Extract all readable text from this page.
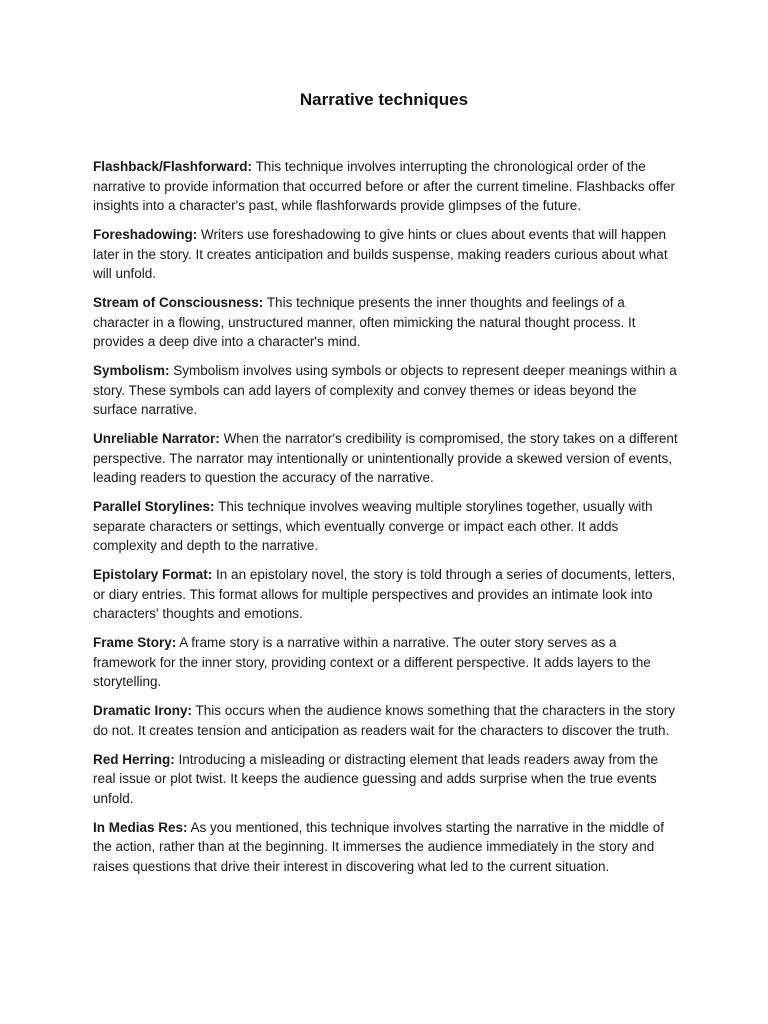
Narrative techniques

Flashback/Flashforward: This technique involves interrupting the chronological order of the narrative to provide information that occurred before or after the current timeline. Flashbacks offer insights into a character's past, while flashforwards provide glimpses of the future.

Foreshadowing: Writers use foreshadowing to give hints or clues about events that will happen later in the story. It creates anticipation and builds suspense, making readers curious about what will unfold.

Stream of Consciousness: This technique presents the inner thoughts and feelings of a character in a flowing, unstructured manner, often mimicking the natural thought process. It provides a deep dive into a character's mind.

Symbolism: Symbolism involves using symbols or objects to represent deeper meanings within a story. These symbols can add layers of complexity and convey themes or ideas beyond the surface narrative.

Unreliable Narrator: When the narrator's credibility is compromised, the story takes on a different perspective. The narrator may intentionally or unintentionally provide a skewed version of events, leading readers to question the accuracy of the narrative.

Parallel Storylines: This technique involves weaving multiple storylines together, usually with separate characters or settings, which eventually converge or impact each other. It adds complexity and depth to the narrative.

Epistolary Format: In an epistolary novel, the story is told through a series of documents, letters, or diary entries. This format allows for multiple perspectives and provides an intimate look into characters' thoughts and emotions.

Frame Story: A frame story is a narrative within a narrative. The outer story serves as a framework for the inner story, providing context or a different perspective. It adds layers to the storytelling.

Dramatic Irony: This occurs when the audience knows something that the characters in the story do not. It creates tension and anticipation as readers wait for the characters to discover the truth.

Red Herring: Introducing a misleading or distracting element that leads readers away from the real issue or plot twist. It keeps the audience guessing and adds surprise when the true events unfold.

In Medias Res: As you mentioned, this technique involves starting the narrative in the middle of the action, rather than at the beginning. It immerses the audience immediately in the story and raises questions that drive their interest in discovering what led to the current situation.
